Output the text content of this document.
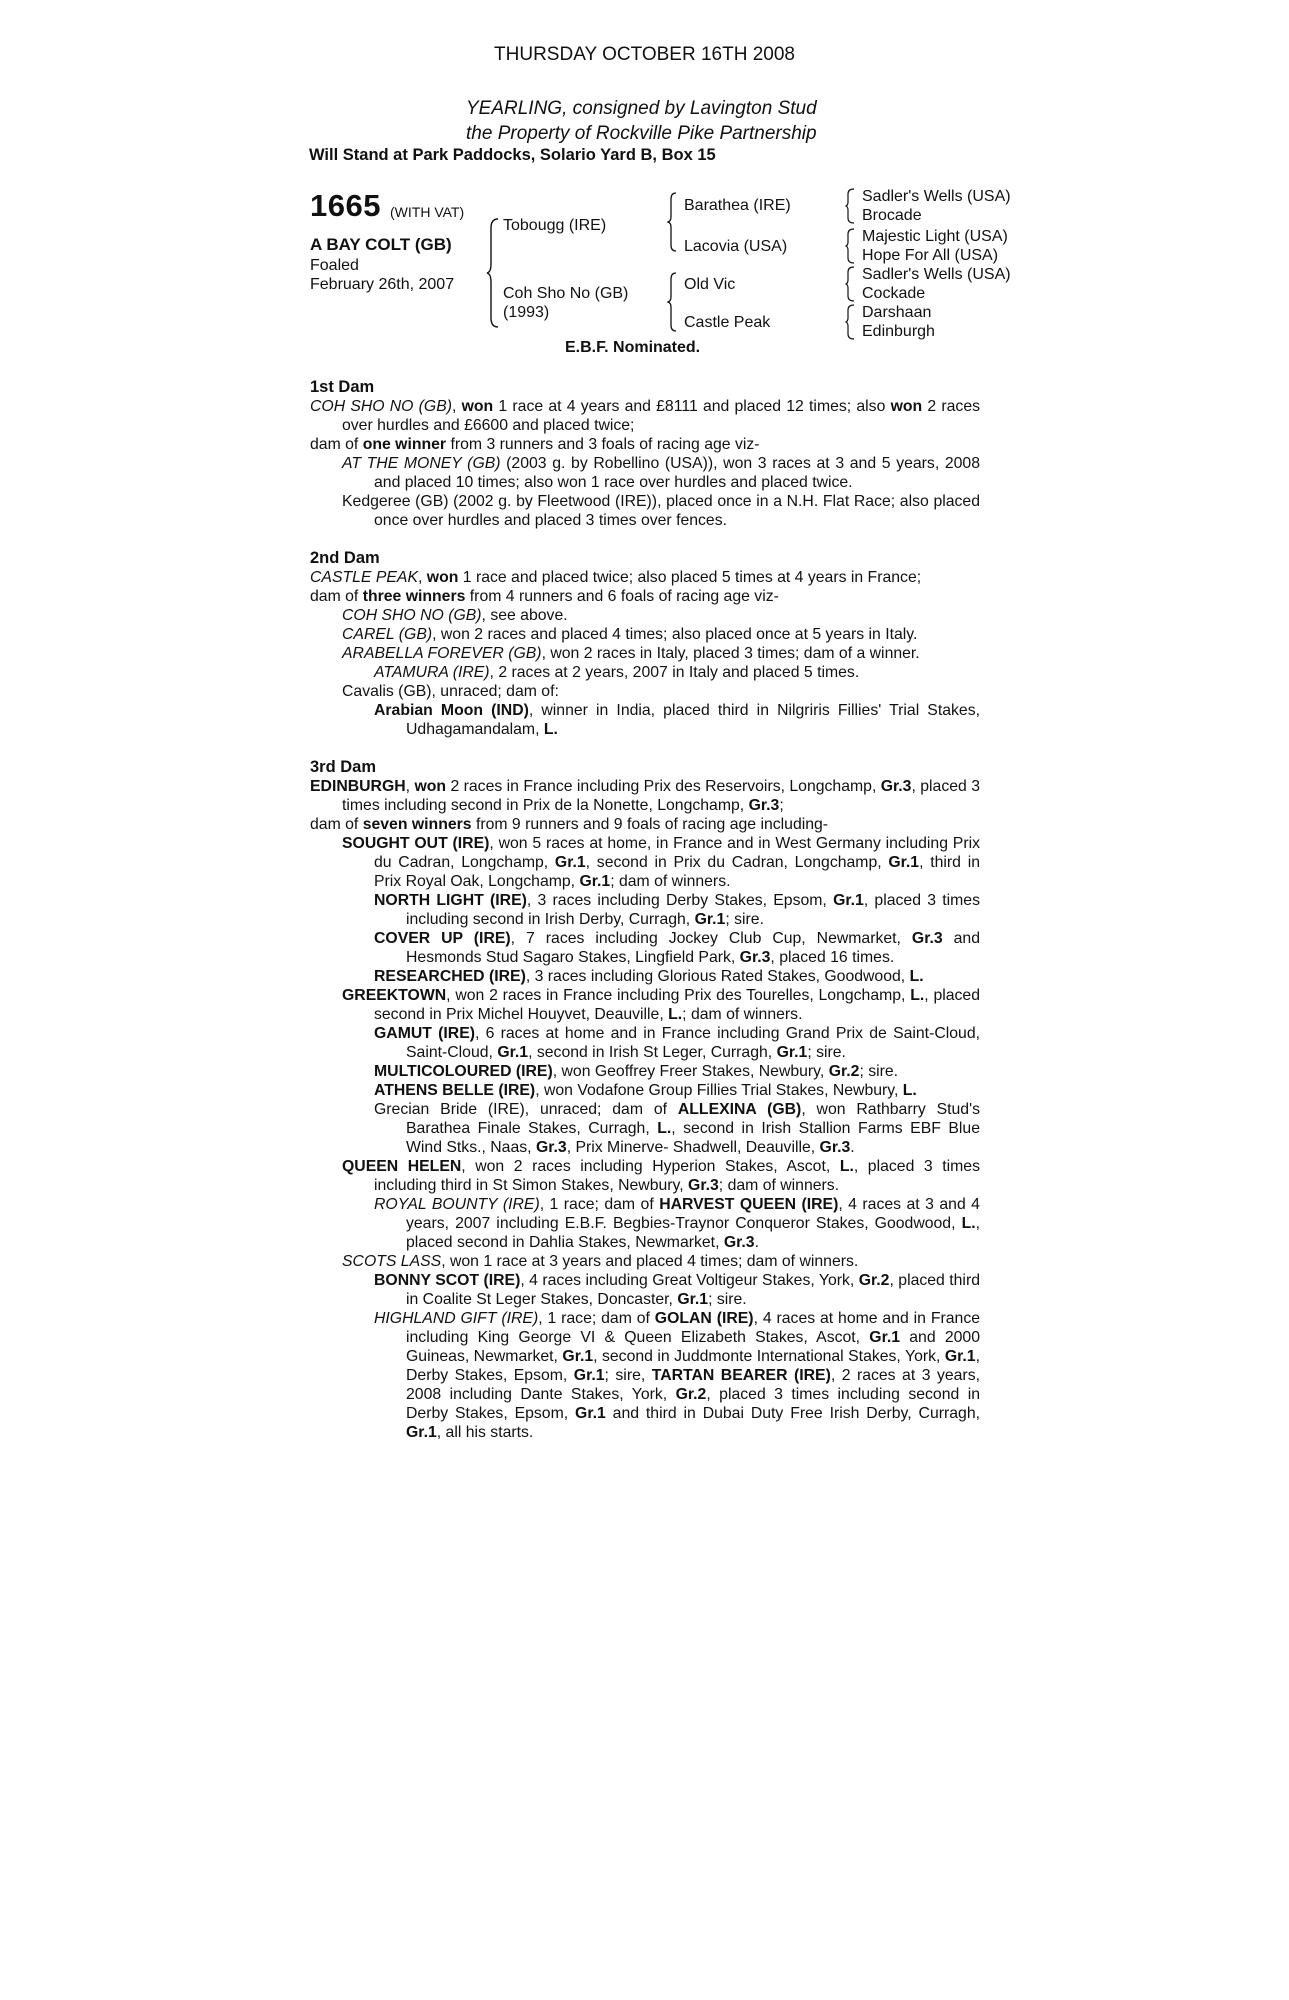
THURSDAY OCTOBER 16TH 2008
YEARLING, consigned by Lavington Stud
the Property of Rockville Pike Partnership
Will Stand at Park Paddocks, Solario Yard B, Box 15
1665 (WITH VAT)
A BAY COLT (GB)
Foaled
February 26th, 2007
Tobougg (IRE)
Coh Sho No (GB)
(1993)
Barathea (IRE)
Lacovia (USA)
Old Vic
Castle Peak
Sadler's Wells (USA)
Brocade
Majestic Light (USA)
Hope For All (USA)
Sadler's Wells (USA)
Cockade
Darshaan
Edinburgh
E.B.F. Nominated.

1st Dam

COH SHO NO (GB), won 1 race at 4 years and £8111 and placed 12 times; also won 2 races over hurdles and £6600 and placed twice;

dam of one winner from 3 runners and 3 foals of racing age viz-

AT THE MONEY (GB) (2003 g. by Robellino (USA)), won 3 races at 3 and 5 years, 2008 and placed 10 times; also won 1 race over hurdles and placed twice.

Kedgeree (GB) (2002 g. by Fleetwood (IRE)), placed once in a N.H. Flat Race; also placed once over hurdles and placed 3 times over fences.

2nd Dam

CASTLE PEAK, won 1 race and placed twice; also placed 5 times at 4 years in France;

dam of three winners from 4 runners and 6 foals of racing age viz-

COH SHO NO (GB), see above.

CAREL (GB), won 2 races and placed 4 times; also placed once at 5 years in Italy.

ARABELLA FOREVER (GB), won 2 races in Italy, placed 3 times; dam of a winner.

ATAMURA (IRE), 2 races at 2 years, 2007 in Italy and placed 5 times.

Cavalis (GB), unraced; dam of:

Arabian Moon (IND), winner in India, placed third in Nilgriris Fillies' Trial Stakes, Udhagamandalam, L.

3rd Dam

EDINBURGH, won 2 races in France including Prix des Reservoirs, Longchamp, Gr.3, placed 3 times including second in Prix de la Nonette, Longchamp, Gr.3;

dam of seven winners from 9 runners and 9 foals of racing age including-

SOUGHT OUT (IRE), won 5 races at home, in France and in West Germany including Prix du Cadran, Longchamp, Gr.1, second in Prix du Cadran, Longchamp, Gr.1, third in Prix Royal Oak, Longchamp, Gr.1; dam of winners.

NORTH LIGHT (IRE), 3 races including Derby Stakes, Epsom, Gr.1, placed 3 times including second in Irish Derby, Curragh, Gr.1; sire.

COVER UP (IRE), 7 races including Jockey Club Cup, Newmarket, Gr.3 and Hesmonds Stud Sagaro Stakes, Lingfield Park, Gr.3, placed 16 times.

RESEARCHED (IRE), 3 races including Glorious Rated Stakes, Goodwood, L.

GREEKTOWN, won 2 races in France including Prix des Tourelles, Longchamp, L., placed second in Prix Michel Houyvet, Deauville, L.; dam of winners.

GAMUT (IRE), 6 races at home and in France including Grand Prix de Saint-Cloud, Saint-Cloud, Gr.1, second in Irish St Leger, Curragh, Gr.1; sire.

MULTICOLOURED (IRE), won Geoffrey Freer Stakes, Newbury, Gr.2; sire.

ATHENS BELLE (IRE), won Vodafone Group Fillies Trial Stakes, Newbury, L.

Grecian Bride (IRE), unraced; dam of ALLEXINA (GB), won Rathbarry Stud's Barathea Finale Stakes, Curragh, L., second in Irish Stallion Farms EBF Blue Wind Stks., Naas, Gr.3, Prix Minerve- Shadwell, Deauville, Gr.3.

QUEEN HELEN, won 2 races including Hyperion Stakes, Ascot, L., placed 3 times including third in St Simon Stakes, Newbury, Gr.3; dam of winners.

ROYAL BOUNTY (IRE), 1 race; dam of HARVEST QUEEN (IRE), 4 races at 3 and 4 years, 2007 including E.B.F. Begbies-Traynor Conqueror Stakes, Goodwood, L., placed second in Dahlia Stakes, Newmarket, Gr.3.

SCOTS LASS, won 1 race at 3 years and placed 4 times; dam of winners.

BONNY SCOT (IRE), 4 races including Great Voltigeur Stakes, York, Gr.2, placed third in Coalite St Leger Stakes, Doncaster, Gr.1; sire.

HIGHLAND GIFT (IRE), 1 race; dam of GOLAN (IRE), 4 races at home and in France including King George VI & Queen Elizabeth Stakes, Ascot, Gr.1 and 2000 Guineas, Newmarket, Gr.1, second in Juddmonte International Stakes, York, Gr.1, Derby Stakes, Epsom, Gr.1; sire, TARTAN BEARER (IRE), 2 races at 3 years, 2008 including Dante Stakes, York, Gr.2, placed 3 times including second in Derby Stakes, Epsom, Gr.1 and third in Dubai Duty Free Irish Derby, Curragh, Gr.1, all his starts.
